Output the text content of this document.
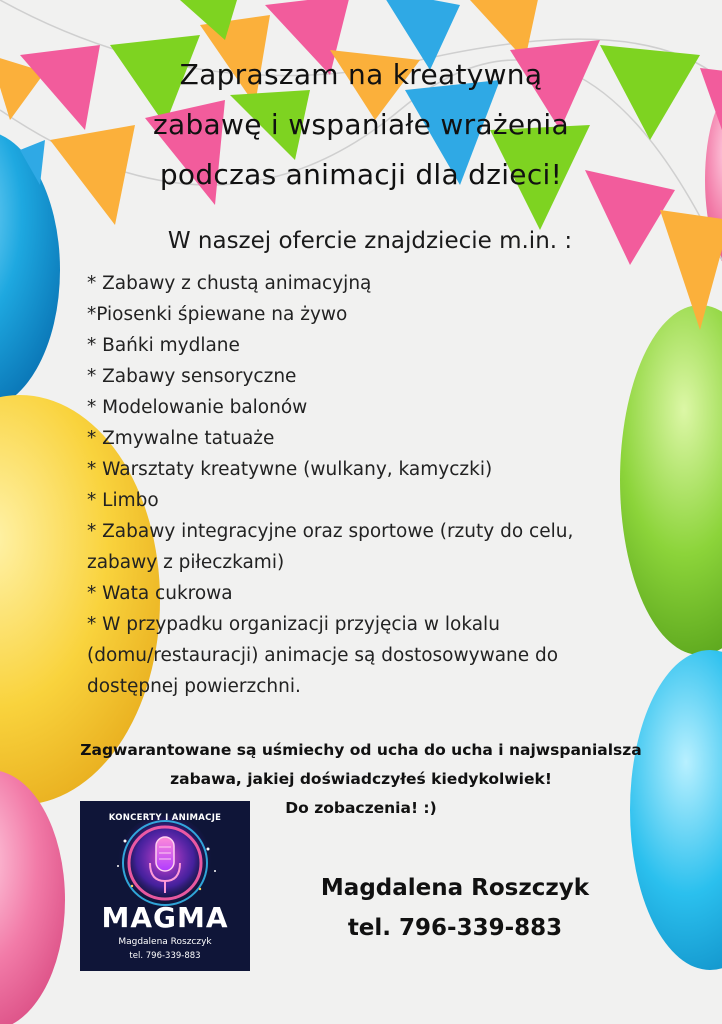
Zapraszam na kreatywną
zabawę i wspaniałe wrażenia
podczas animacji dla dzieci!
W naszej ofercie znajdziecie m.in. :
* Zabawy z chustą animacyjną
*Piosenki śpiewane na żywo
* Bańki mydlane
* Zabawy sensoryczne
* Modelowanie balonów
* Zmywalne tatuaże
* Warsztaty kreatywne (wulkany, kamyczki)
* Limbo
* Zabawy integracyjne oraz sportowe (rzuty do celu,
zabawy z piłeczkami)
* Wata cukrowa
* W przypadku organizacji przyjęcia w lokalu
(domu/restauracji) animacje są dostosowywane do
dostępnej powierzchni.
Zagwarantowane są uśmiechy od ucha do ucha i najwspanialsza
zabawa, jakiej doświadczyłeś kiedykolwiek!
Do zobaczenia! :)
KONCERTY I ANIMACJE
MAGMA
Magdalena Roszczyk
tel. 796-339-883
Magdalena Roszczyk
tel. 796-339-883
